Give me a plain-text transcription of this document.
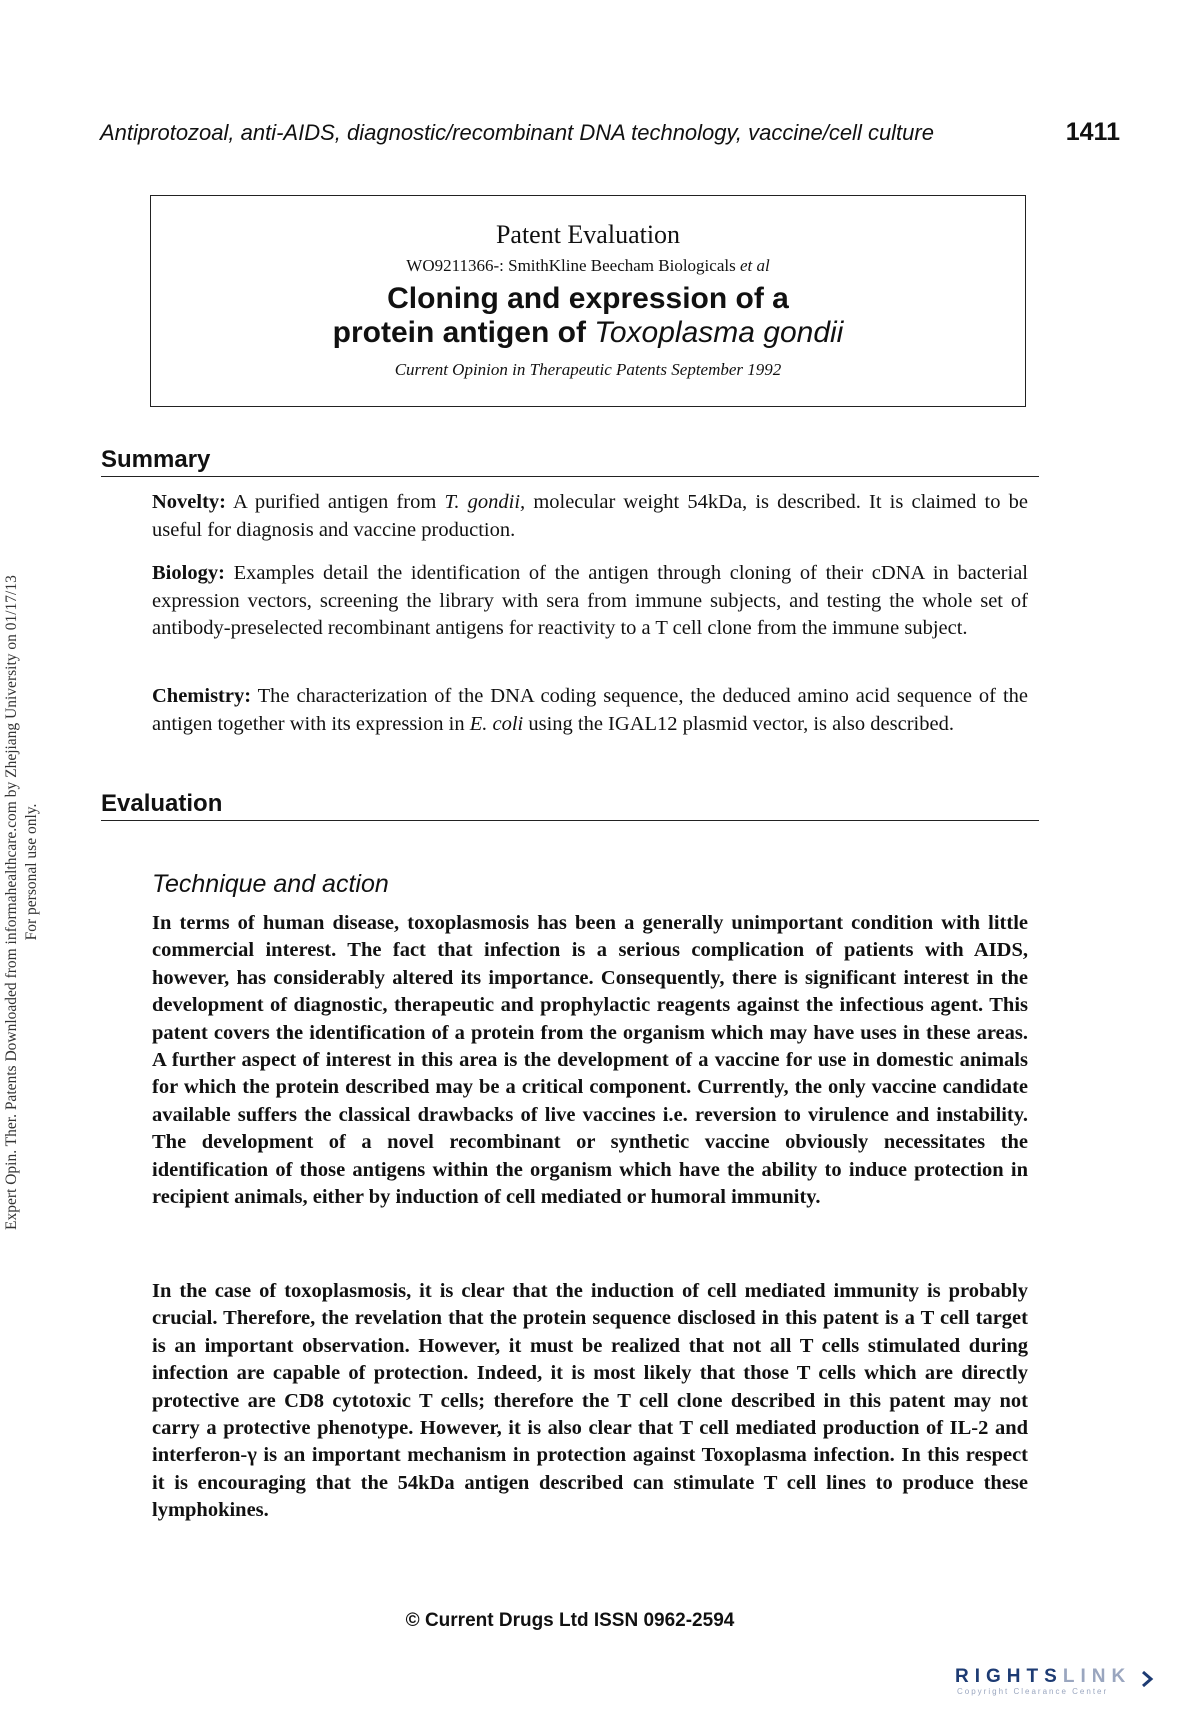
Antiprotozoal, anti-AIDS, diagnostic/recombinant DNA technology, vaccine/cell culture	1411
Patent Evaluation
WO9211366-: SmithKline Beecham Biologicals et al
Cloning and expression of a
protein antigen of Toxoplasma gondii
Current Opinion in Therapeutic Patents September 1992
Summary

Novelty: A purified antigen from T. gondii, molecular weight 54kDa, is described. It is claimed to be useful for diagnosis and vaccine production.

Biology: Examples detail the identification of the antigen through cloning of their cDNA in bacterial expression vectors, screening the library with sera from immune subjects, and testing the whole set of antibody-preselected recombinant antigens for reactivity to a T cell clone from the immune subject.

Chemistry: The characterization of the DNA coding sequence, the deduced amino acid sequence of the antigen together with its expression in E. coli using the IGAL12 plasmid vector, is also described.

Evaluation
Technique and action

In terms of human disease, toxoplasmosis has been a generally unimportant condition with little commercial interest. The fact that infection is a serious complication of patients with AIDS, however, has considerably altered its importance. Consequently, there is significant interest in the development of diagnostic, therapeutic and prophylactic reagents against the infectious agent. This patent covers the identification of a protein from the organism which may have uses in these areas. A further aspect of interest in this area is the development of a vaccine for use in domestic animals for which the protein described may be a critical component. Currently, the only vaccine candidate available suffers the classical drawbacks of live vaccines i.e. reversion to virulence and instability. The development of a novel recombinant or synthetic vaccine obviously necessitates the identification of those antigens within the organism which have the ability to induce protection in recipient animals, either by induction of cell mediated or humoral immunity.

In the case of toxoplasmosis, it is clear that the induction of cell mediated immunity is probably crucial. Therefore, the revelation that the protein sequence disclosed in this patent is a T cell target is an important observation. However, it must be realized that not all T cells stimulated during infection are capable of protection. Indeed, it is most likely that those T cells which are directly protective are CD8 cytotoxic T cells; therefore the T cell clone described in this patent may not carry a protective phenotype. However, it is also clear that T cell mediated production of IL-2 and interferon-γ is an important mechanism in protection against Toxoplasma infection. In this respect it is encouraging that the 54kDa antigen described can stimulate T cell lines to produce these lymphokines.

© Current Drugs Ltd ISSN 0962-2594
Expert Opin. Ther. Patents Downloaded from informahealthcare.com by Zhejiang University on 01/17/13 For personal use only.
RIGHTSLINK
Copyright Clearance Center
